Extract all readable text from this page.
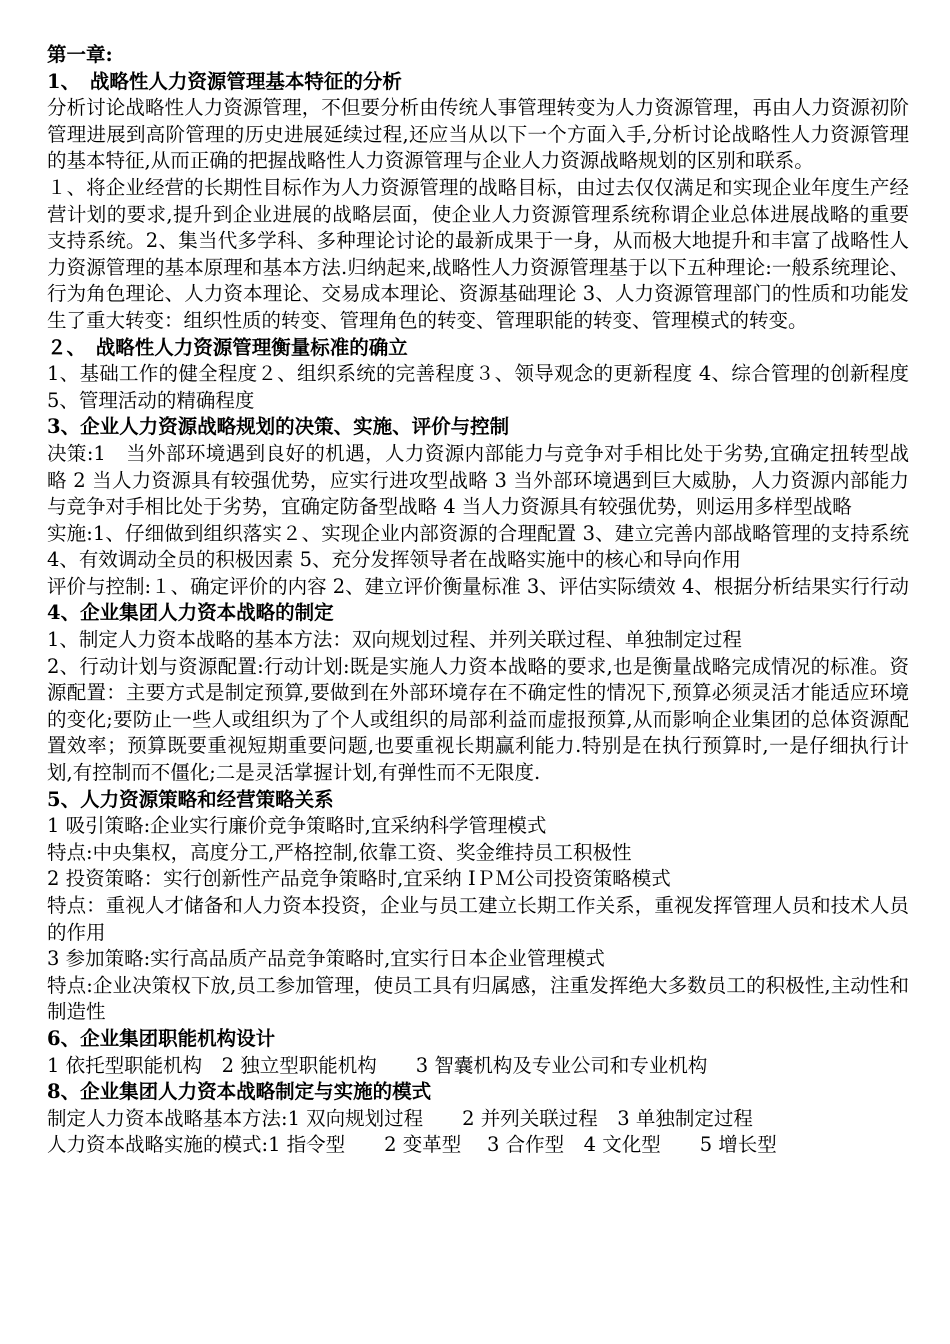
第一章:
1、　战略性人力资源管理基本特征的分析
分析讨论战略性人力资源管理，不但要分析由传统人事管理转变为人力资源管理，再由人力资源初阶管理进展到高阶管理的历史进展延续过程,还应当从以下一个方面入手,分析讨论战略性人力资源管理的基本特征,从而正确的把握战略性人力资源管理与企业人力资源战略规划的区别和联系。
１、将企业经营的长期性目标作为人力资源管理的战略目标，由过去仅仅满足和实现企业年度生产经营计划的要求,提升到企业进展的战略层面，使企业人力资源管理系统称谓企业总体进展战略的重要支持系统。2、集当代多学科、多种理论讨论的最新成果于一身，从而极大地提升和丰富了战略性人力资源管理的基本原理和基本方法.归纳起来,战略性人力资源管理基于以下五种理论:一般系统理论、行为角色理论、人力资本理论、交易成本理论、资源基础理论 3、人力资源管理部门的性质和功能发生了重大转变：组织性质的转变、管理角色的转变、管理职能的转变、管理模式的转变。
２、　战略性人力资源管理衡量标准的确立
1、基础工作的健全程度２、组织系统的完善程度３、领导观念的更新程度 4、综合管理的创新程度 5、管理活动的精确程度
3、企业人力资源战略规划的决策、实施、评价与控制
决策:1　当外部环境遇到良好的机遇，人力资源内部能力与竞争对手相比处于劣势,宜确定扭转型战略 2 当人力资源具有较强优势，应实行进攻型战略 3 当外部环境遇到巨大威胁，人力资源内部能力与竞争对手相比处于劣势，宜确定防备型战略 4 当人力资源具有较强优势，则运用多样型战略
实施:1、仔细做到组织落实２、实现企业内部资源的合理配置 3、建立完善内部战略管理的支持系统 4、有效调动全员的积极因素 5、充分发挥领导者在战略实施中的核心和导向作用
评价与控制:１、确定评价的内容 2、建立评价衡量标准 3、评估实际绩效 4、根据分析结果实行行动
4、企业集团人力资本战略的制定
1、制定人力资本战略的基本方法：双向规划过程、并列关联过程、单独制定过程
2、行动计划与资源配置:行动计划:既是实施人力资本战略的要求,也是衡量战略完成情况的标准。资源配置：主要方式是制定预算,要做到在外部环境存在不确定性的情况下,预算必须灵活才能适应环境的变化;要防止一些人或组织为了个人或组织的局部利益而虚报预算,从而影响企业集团的总体资源配置效率；预算既要重视短期重要问题,也要重视长期赢利能力.特别是在执行预算时,一是仔细执行计划,有控制而不僵化;二是灵活掌握计划,有弹性而不无限度.
5、人力资源策略和经营策略关系
1 吸引策略:企业实行廉价竞争策略时,宜采纳科学管理模式
特点:中央集权，高度分工,严格控制,依靠工资、奖金维持员工积极性
2 投资策略：实行创新性产品竞争策略时,宜采纳 IＰＭ公司投资策略模式
特点：重视人才储备和人力资本投资，企业与员工建立长期工作关系，重视发挥管理人员和技术人员的作用
3 参加策略:实行高品质产品竞争策略时,宜实行日本企业管理模式
特点:企业决策权下放,员工参加管理，使员工具有归属感，注重发挥绝大多数员工的积极性,主动性和制造性
6、企业集团职能机构设计
1 依托型职能机构　2 独立型职能机构　　3 智囊机构及专业公司和专业机构
8、企业集团人力资本战略制定与实施的模式
制定人力资本战略基本方法:1 双向规划过程　　2 并列关联过程　3 单独制定过程
人力资本战略实施的模式:1 指令型　　2 变革型　 3 合作型　4 文化型　　5 增长型
